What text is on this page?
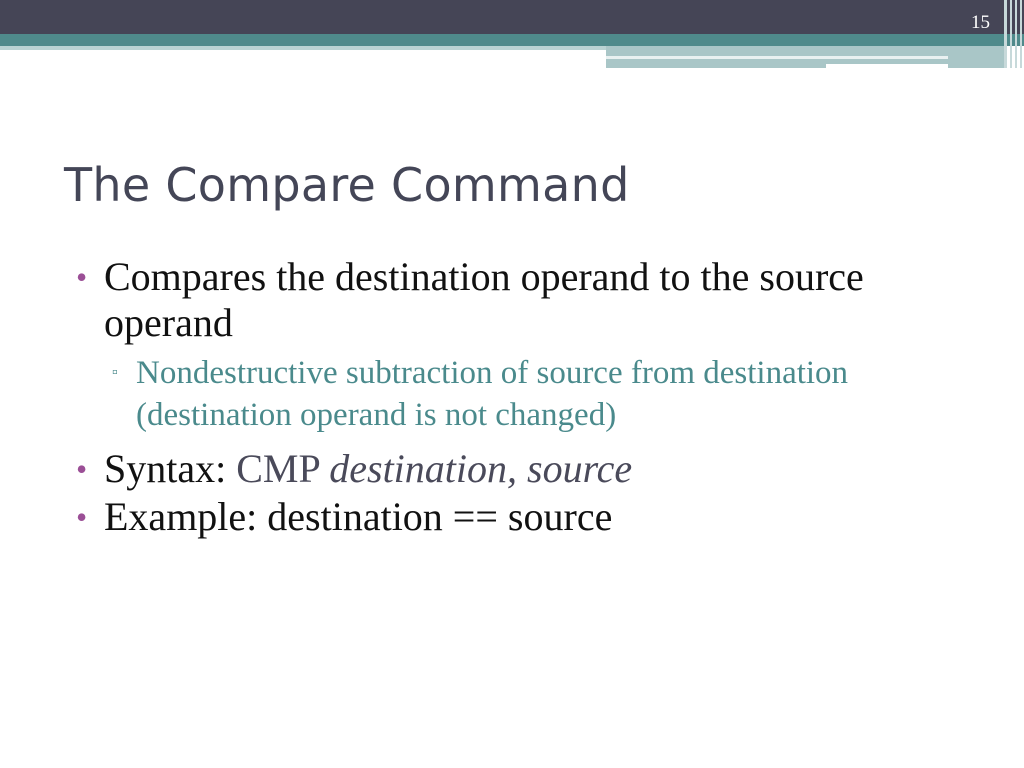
15
The Compare Command
• Compares the destination operand to the source operand
▫ Nondestructive subtraction of source from destination (destination operand is not changed)
• Syntax: CMP destination, source
• Example: destination == source
